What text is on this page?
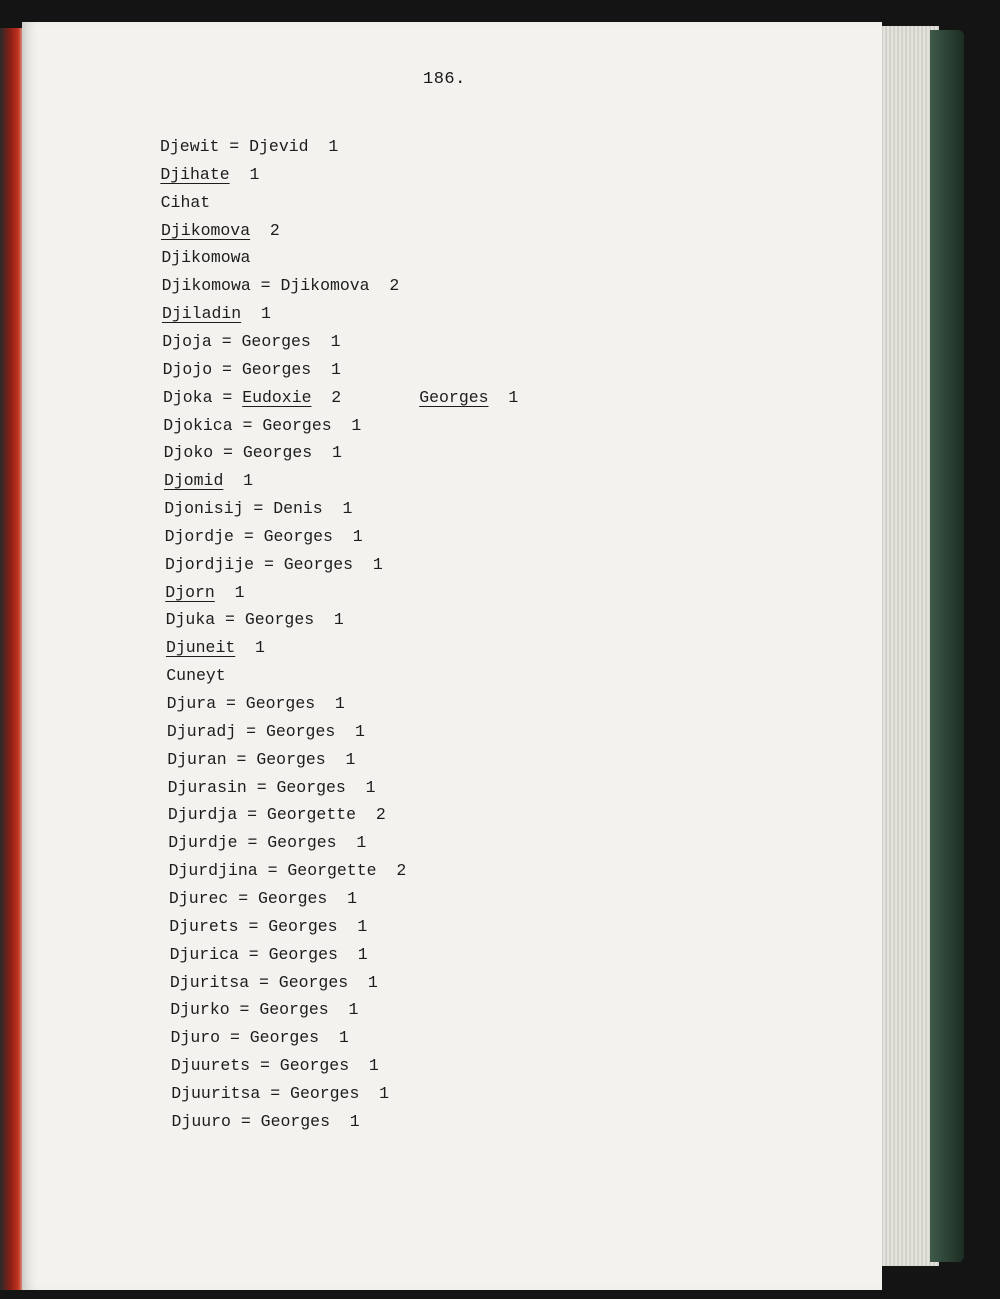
186.
Djewit = Djevid  1
Djihate  1
Cihat
Djikomova  2
Djikomowa
Djikomowa = Djikomova  2
Djiladin  1
Djoja = Georges  1
Djojo = Georges  1
Djoka = Eudoxie  2	Georges  1
Djokica = Georges  1
Djoko = Georges  1
Djomid  1
Djonisij = Denis  1
Djordje = Georges  1
Djordjije = Georges  1
Djorn  1
Djuka = Georges  1
Djuneit  1
Cuneyt
Djura = Georges  1
Djuradj = Georges  1
Djuran = Georges  1
Djurasin = Georges  1
Djurdja = Georgette  2
Djurdje = Georges  1
Djurdjina = Georgette  2
Djurec = Georges  1
Djurets = Georges  1
Djurica = Georges  1
Djuritsa = Georges  1
Djurko = Georges  1
Djuro = Georges  1
Djuurets = Georges  1
Djuuritsa = Georges  1
Djuuro = Georges  1
